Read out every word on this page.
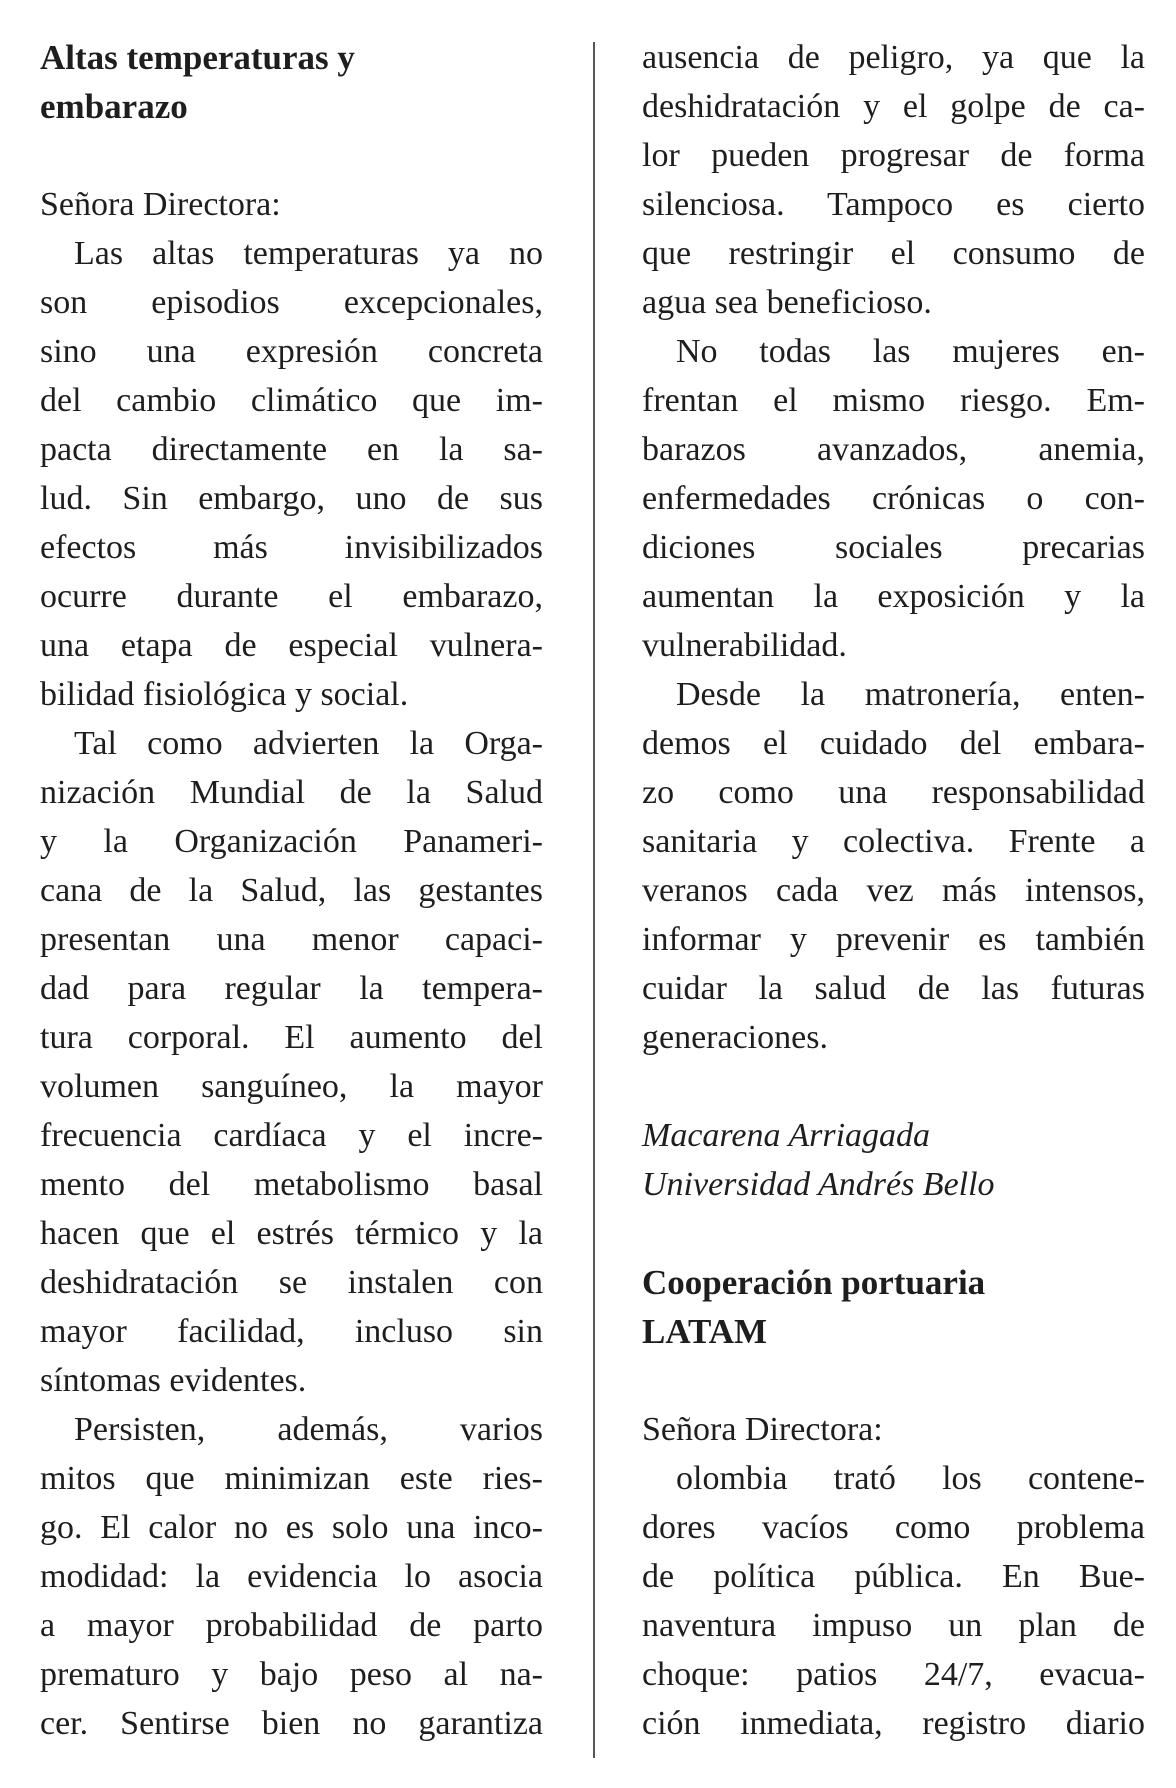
Altas temperaturas y
embarazo

Señora Directora:
Las altas temperaturas ya no
son episodios excepcionales,
sino una expresión concreta
del cambio climático que im-
pacta directamente en la sa-
lud. Sin embargo, uno de sus
efectos más invisibilizados
ocurre durante el embarazo,
una etapa de especial vulnera-
bilidad fisiológica y social.
Tal como advierten la Orga-
nización Mundial de la Salud
y la Organización Panameri-
cana de la Salud, las gestantes
presentan una menor capaci-
dad para regular la tempera-
tura corporal. El aumento del
volumen sanguíneo, la mayor
frecuencia cardíaca y el incre-
mento del metabolismo basal
hacen que el estrés térmico y la
deshidratación se instalen con
mayor facilidad, incluso sin
síntomas evidentes.
Persisten, además, varios
mitos que minimizan este ries-
go. El calor no es solo una inco-
modidad: la evidencia lo asocia
a mayor probabilidad de parto
prematuro y bajo peso al na-
cer. Sentirse bien no garantiza
ausencia de peligro, ya que la
deshidratación y el golpe de ca-
lor pueden progresar de forma
silenciosa. Tampoco es cierto
que restringir el consumo de
agua sea beneficioso.
No todas las mujeres en-
frentan el mismo riesgo. Em-
barazos avanzados, anemia,
enfermedades crónicas o con-
diciones sociales precarias
aumentan la exposición y la
vulnerabilidad.
Desde la matronería, enten-
demos el cuidado del embara-
zo como una responsabilidad
sanitaria y colectiva. Frente a
veranos cada vez más intensos,
informar y prevenir es también
cuidar la salud de las futuras
generaciones.

Macarena Arriagada
Universidad Andrés Bello

Cooperación portuaria
LATAM

Señora Directora:
olombia trató los contene-
dores vacíos como problema
de política pública. En Bue-
naventura impuso un plan de
choque: patios 24/7, evacua-
ción inmediata, registro diario
